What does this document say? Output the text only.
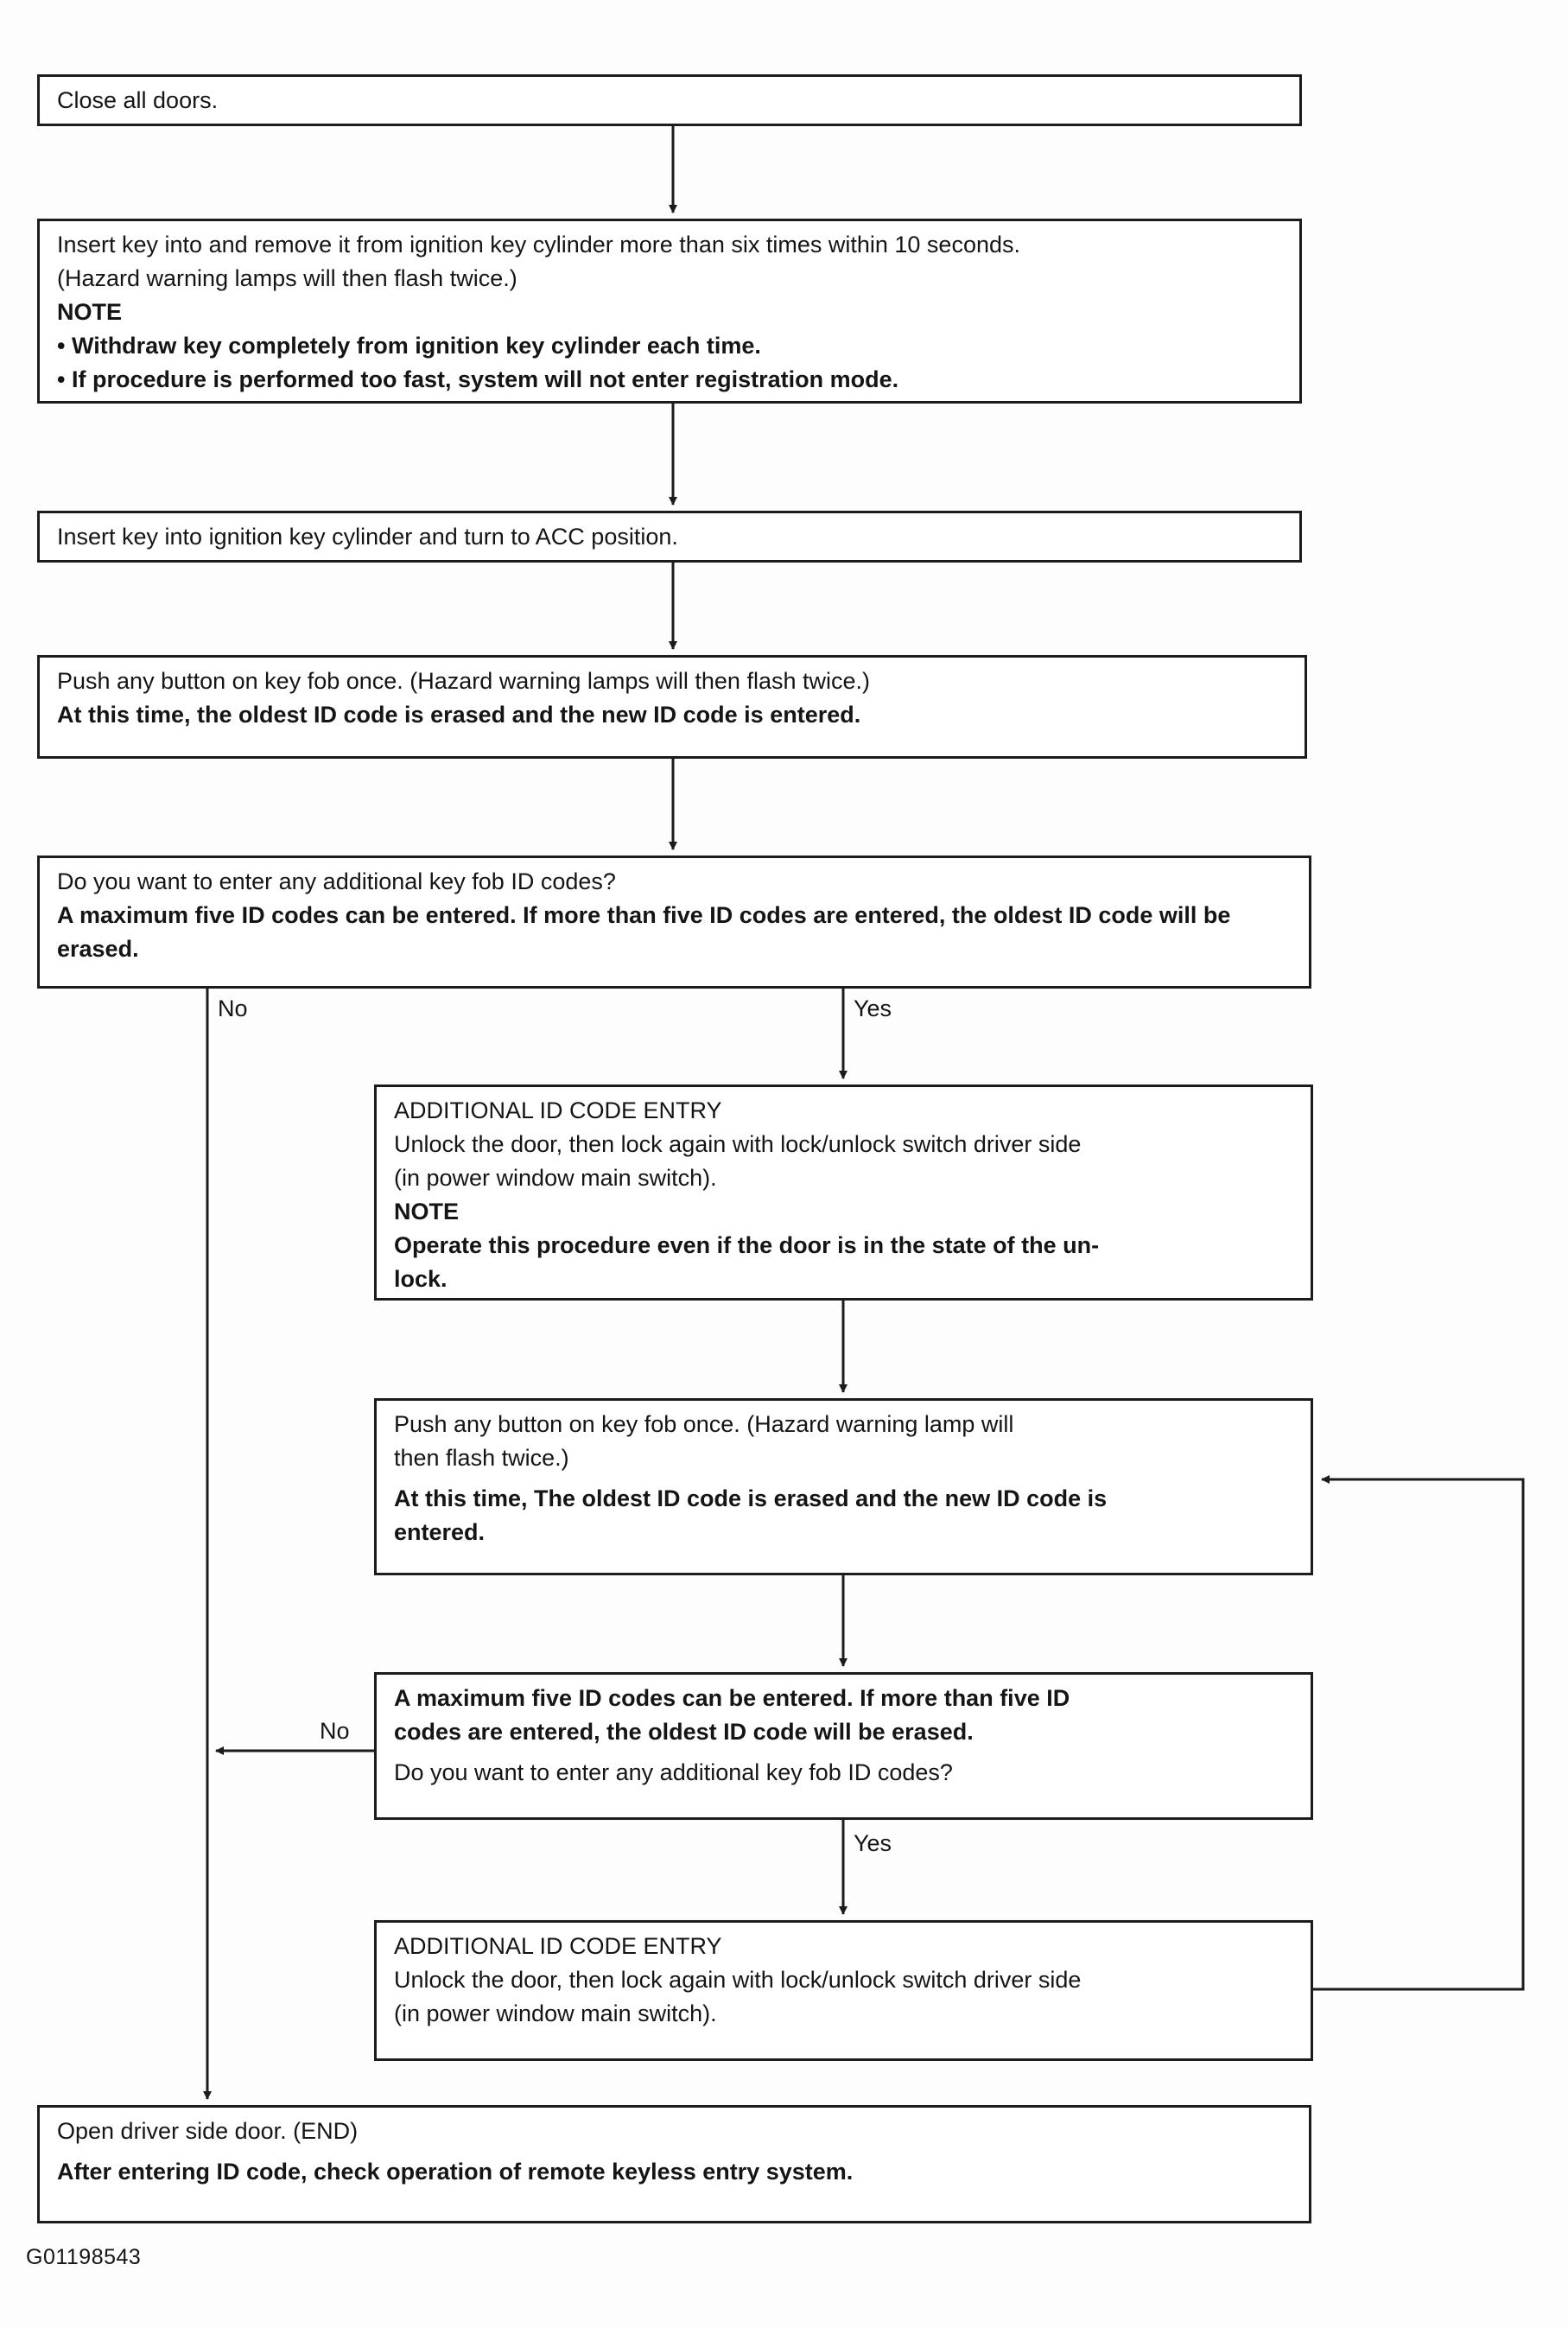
Close all doors.
Insert key into and remove it from ignition key cylinder more than six times within 10 seconds.
(Hazard warning lamps will then flash twice.)
NOTE
• Withdraw key completely from ignition key cylinder each time.
• If procedure is performed too fast, system will not enter registration mode.
Insert key into ignition key cylinder and turn to ACC position.
Push any button on key fob once. (Hazard warning lamps will then flash twice.)
At this time, the oldest ID code is erased and the new ID code is entered.
Do you want to enter any additional key fob ID codes?
A maximum five ID codes can be entered. If more than five ID codes are entered, the oldest ID code will be erased.
ADDITIONAL ID CODE ENTRY
Unlock the door, then lock again with lock/unlock switch driver side
(in power window main switch).
NOTE
Operate this procedure even if the door is in the state of the un-
lock.
Push any button on key fob once. (Hazard warning lamp will
then flash twice.)
At this time, The oldest ID code is erased and the new ID code is
entered.
A maximum five ID codes can be entered. If more than five ID
codes are entered, the oldest ID code will be erased.
Do you want to enter any additional key fob ID codes?
ADDITIONAL ID CODE ENTRY
Unlock the door, then lock again with lock/unlock switch driver side
(in power window main switch).
Open driver side door. (END)
After entering ID code, check operation of remote keyless entry system.
No	Yes
No
Yes
G01198543
